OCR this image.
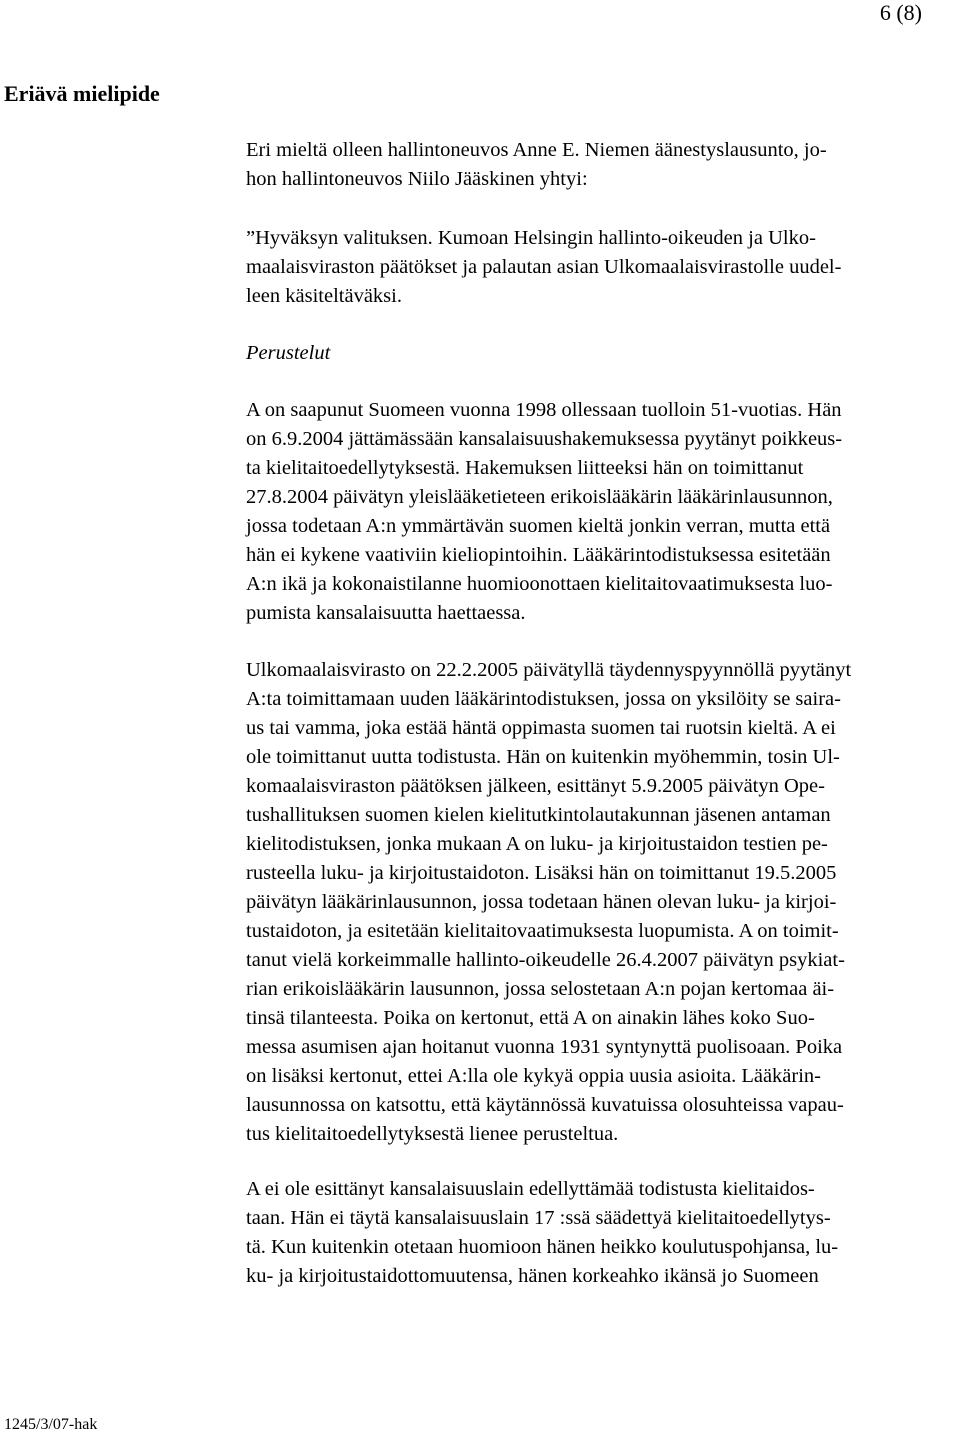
6 (8)
Eriävä mielipide
Eri mieltä olleen hallintoneuvos Anne E. Niemen äänestyslausunto, jo-
hon hallintoneuvos Niilo Jääskinen yhtyi:
”Hyväksyn valituksen. Kumoan Helsingin hallinto-oikeuden ja Ulko-
maalaisviraston päätökset ja palautan asian Ulkomaalaisvirastolle uudel-
leen käsiteltäväksi.
Perustelut
A on saapunut Suomeen vuonna 1998 ollessaan tuolloin 51-vuotias. Hän
on 6.9.2004 jättämässään kansalaisuushakemuksessa pyytänyt poikkeus-
ta kielitaitoedellytyksestä. Hakemuksen liitteeksi hän on toimittanut
27.8.2004 päivätyn yleislääketieteen erikoislääkärin lääkärinlausunnon,
jossa todetaan A:n ymmärtävän suomen kieltä jonkin verran, mutta että
hän ei kykene vaativiin kieliopintoihin. Lääkärintodistuksessa esitetään
A:n ikä ja kokonaistilanne huomioonottaen kielitaitovaatimuksesta luo-
pumista kansalaisuutta haettaessa.
Ulkomaalaisvirasto on 22.2.2005 päivätyllä täydennyspyynnöllä pyytänyt
A:ta toimittamaan uuden lääkärintodistuksen, jossa on yksilöity se saira-
us tai vamma, joka estää häntä oppimasta suomen tai ruotsin kieltä. A ei
ole toimittanut uutta todistusta. Hän on kuitenkin myöhemmin, tosin Ul-
komaalaisviraston päätöksen jälkeen, esittänyt 5.9.2005 päivätyn Ope-
tushallituksen suomen kielen kielitutkintolautakunnan jäsenen antaman
kielitodistuksen, jonka mukaan A on luku- ja kirjoitustaidon testien pe-
rusteella luku- ja kirjoitustaidoton. Lisäksi hän on toimittanut 19.5.2005
päivätyn lääkärinlausunnon, jossa todetaan hänen olevan luku- ja kirjoi-
tustaidoton, ja esitetään kielitaitovaatimuksesta luopumista. A on toimit-
tanut vielä korkeimmalle hallinto-oikeudelle 26.4.2007 päivätyn psykiat-
rian erikoislääkärin lausunnon, jossa selostetaan A:n pojan kertomaa äi-
tinsä tilanteesta. Poika on kertonut, että A on ainakin lähes koko Suo-
messa asumisen ajan hoitanut vuonna 1931 syntynyttä puolisoaan. Poika
on lisäksi kertonut, ettei A:lla ole kykyä oppia uusia asioita. Lääkärin-
lausunnossa on katsottu, että käytännössä kuvatuissa olosuhteissa vapau-
tus kielitaitoedellytyksestä lienee perusteltua.
A ei ole esittänyt kansalaisuuslain edellyttämää todistusta kielitaidos-
taan. Hän ei täytä kansalaisuuslain 17 :ssä säädettyä kielitaitoedellytys-
tä. Kun kuitenkin otetaan huomioon hänen heikko koulutuspohjansa, lu-
ku- ja kirjoitustaidottomuutensa, hänen korkeahko ikänsä jo Suomeen
1245/3/07-hak
